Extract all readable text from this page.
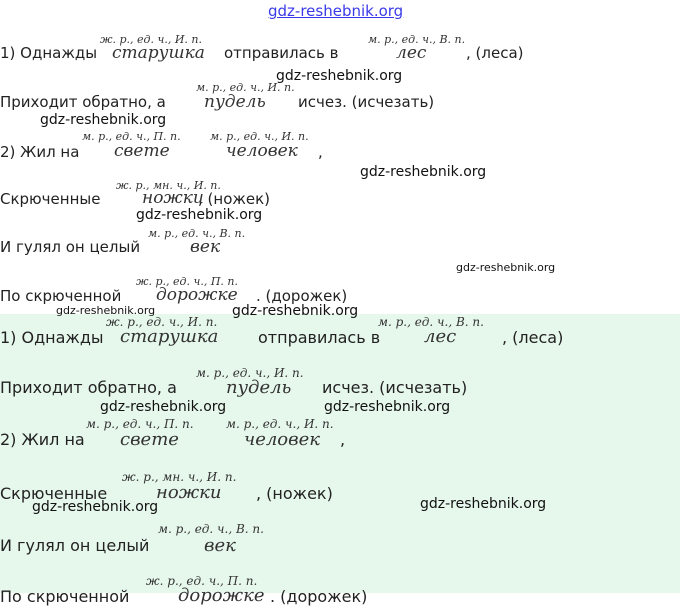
gdz-reshebnik.org
ж. р., ед. ч., И. п.
1) Однажды старушка отправилась в
м. р., ед. ч., В. п.
лес	, (леса)
gdz-reshebnik.org
м. р., ед. ч., И. п.
Приходит обратно, а пудель исчез. (исчезать)
gdz-reshebnik.org
м. р., ед. ч., П. п.	м. р., ед. ч., И. п.
2) Жил на свете	человек ,
gdz-reshebnik.org
ж. р., мн. ч., И. п.
Скрюченные ножки
, (ножек)
gdz-reshebnik.org
м. р., ед. ч., В. п.
И гулял он целый	век
gdz-reshebnik.org
ж. р., ед. ч., П. п.
По скрюченной дорожке . (дорожек)
gdz-reshebnik.org	gdz-reshebnik.org
ж. р., ед. ч., И. п.
1) Однажды старушка отправилась в
м. р., ед. ч., В. п.
лес	, (леса)
м. р., ед. ч., И. п.
Приходит обратно, а	пудель исчез. (исчезать)
gdz-reshebnik.org	gdz-reshebnik.org
м. р., ед. ч., П. п.	м. р., ед. ч., И. п.
2) Жил на свете	человек ,
ж. р., мн. ч., И. п.
Скрюченные	ножки , (ножек)
gdz-reshebnik.org	gdz-reshebnik.org
м. р., ед. ч., В. п.
И гулял он целый	век
ж. р., ед. ч., П. п.
По скрюченной	дорожке . (дорожек)
